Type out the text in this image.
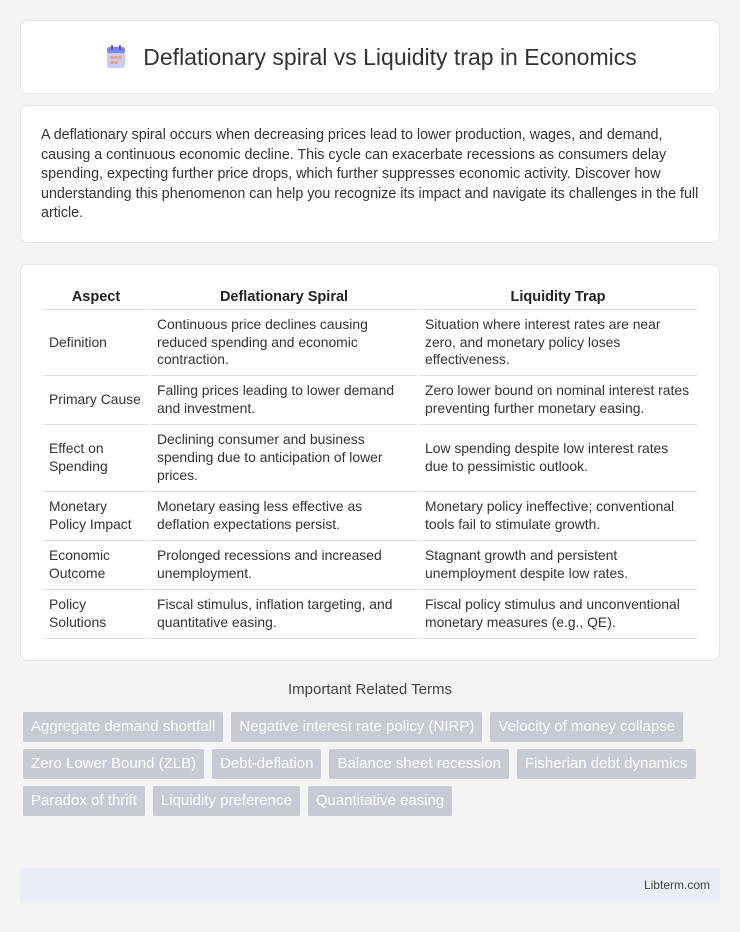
Deflationary spiral vs Liquidity trap in Economics

A deflationary spiral occurs when decreasing prices lead to lower production, wages, and demand, causing a continuous economic decline. This cycle can exacerbate recessions as consumers delay spending, expecting further price drops, which further suppresses economic activity. Discover how understanding this phenomenon can help you recognize its impact and navigate its challenges in the full article.

Aspect	Deflationary Spiral	Liquidity Trap
Definition	Continuous price declines causing reduced spending and economic contraction.	Situation where interest rates are near zero, and monetary policy loses effectiveness.
Primary Cause	Falling prices leading to lower demand and investment.	Zero lower bound on nominal interest rates preventing further monetary easing.
Effect on Spending	Declining consumer and business spending due to anticipation of lower prices.	Low spending despite low interest rates due to pessimistic outlook.
Monetary Policy Impact	Monetary easing less effective as deflation expectations persist.	Monetary policy ineffective; conventional tools fail to stimulate growth.
Economic Outcome	Prolonged recessions and increased unemployment.	Stagnant growth and persistent unemployment despite low rates.
Policy Solutions	Fiscal stimulus, inflation targeting, and quantitative easing.	Fiscal policy stimulus and unconventional monetary measures (e.g., QE).
Important Related Terms
Aggregate demand shortfall	Negative interest rate policy (NIRP)	Velocity of money collapse
Zero Lower Bound (ZLB)	Debt-deflation	Balance sheet recession	Fisherian debt dynamics
Paradox of thrift	Liquidity preference	Quantitative easing
Libterm.com
